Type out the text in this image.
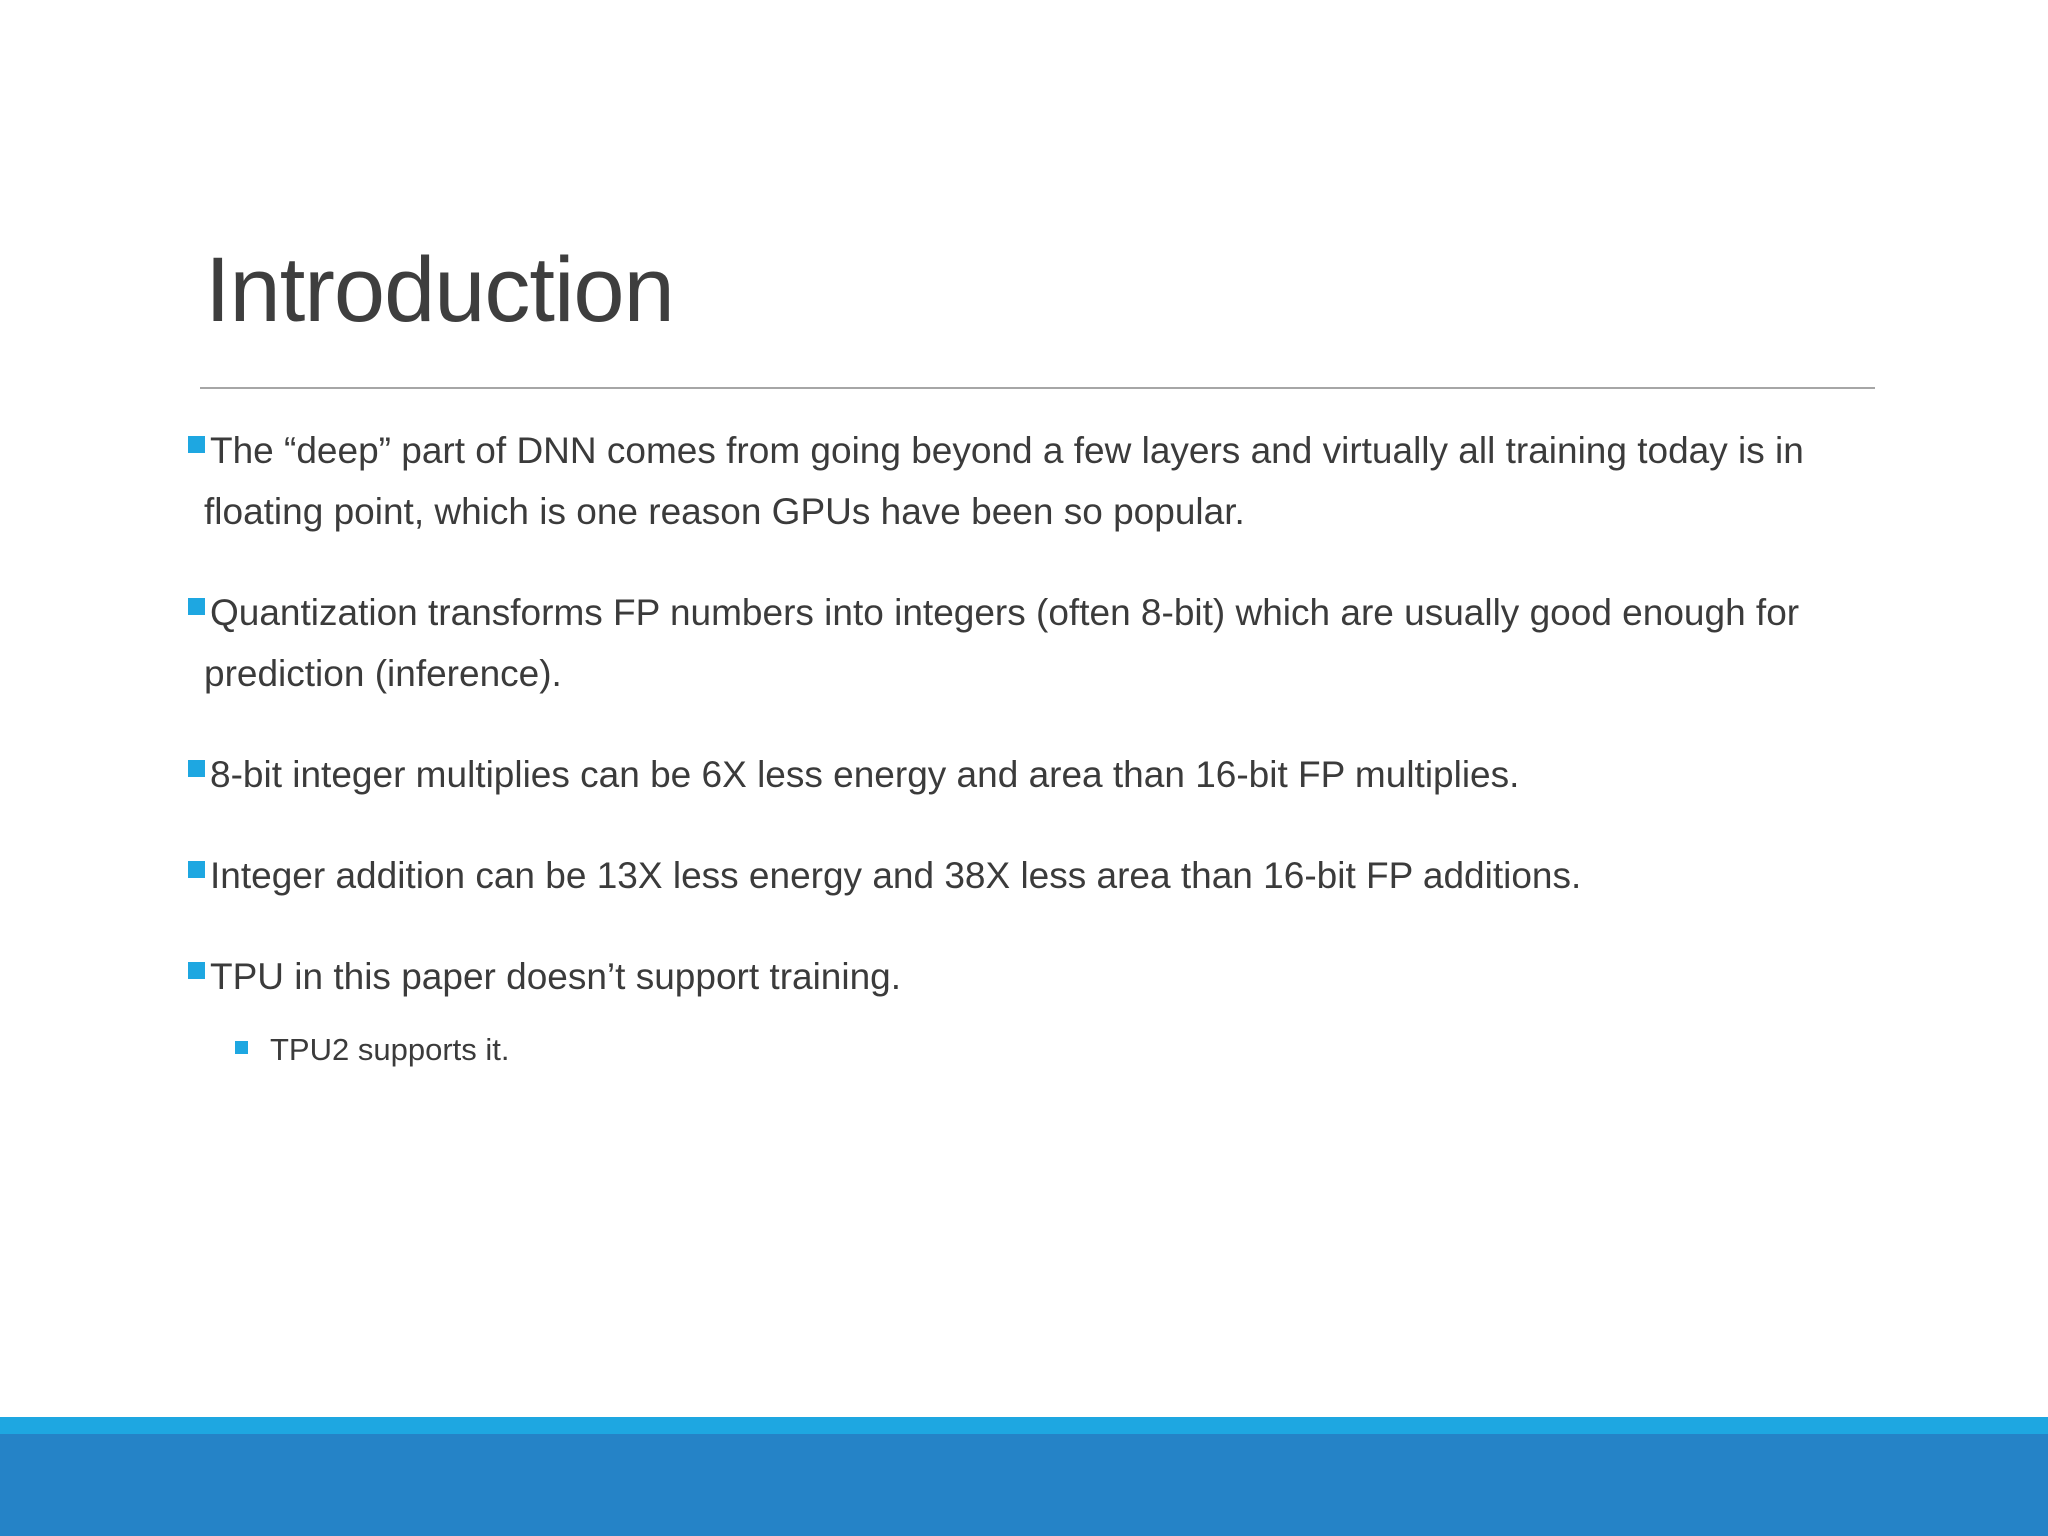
Introduction
The “deep” part of DNN comes from going beyond a few layers and virtually all training today is in
floating point, which is one reason GPUs have been so popular.
Quantization transforms FP numbers into integers (often 8-bit) which are usually good enough for
prediction (inference).
8-bit integer multiplies can be 6X less energy and area than 16-bit FP multiplies.
Integer addition can be 13X less energy and 38X less area than 16-bit FP additions.
TPU in this paper doesn’t support training.
TPU2 supports it.
